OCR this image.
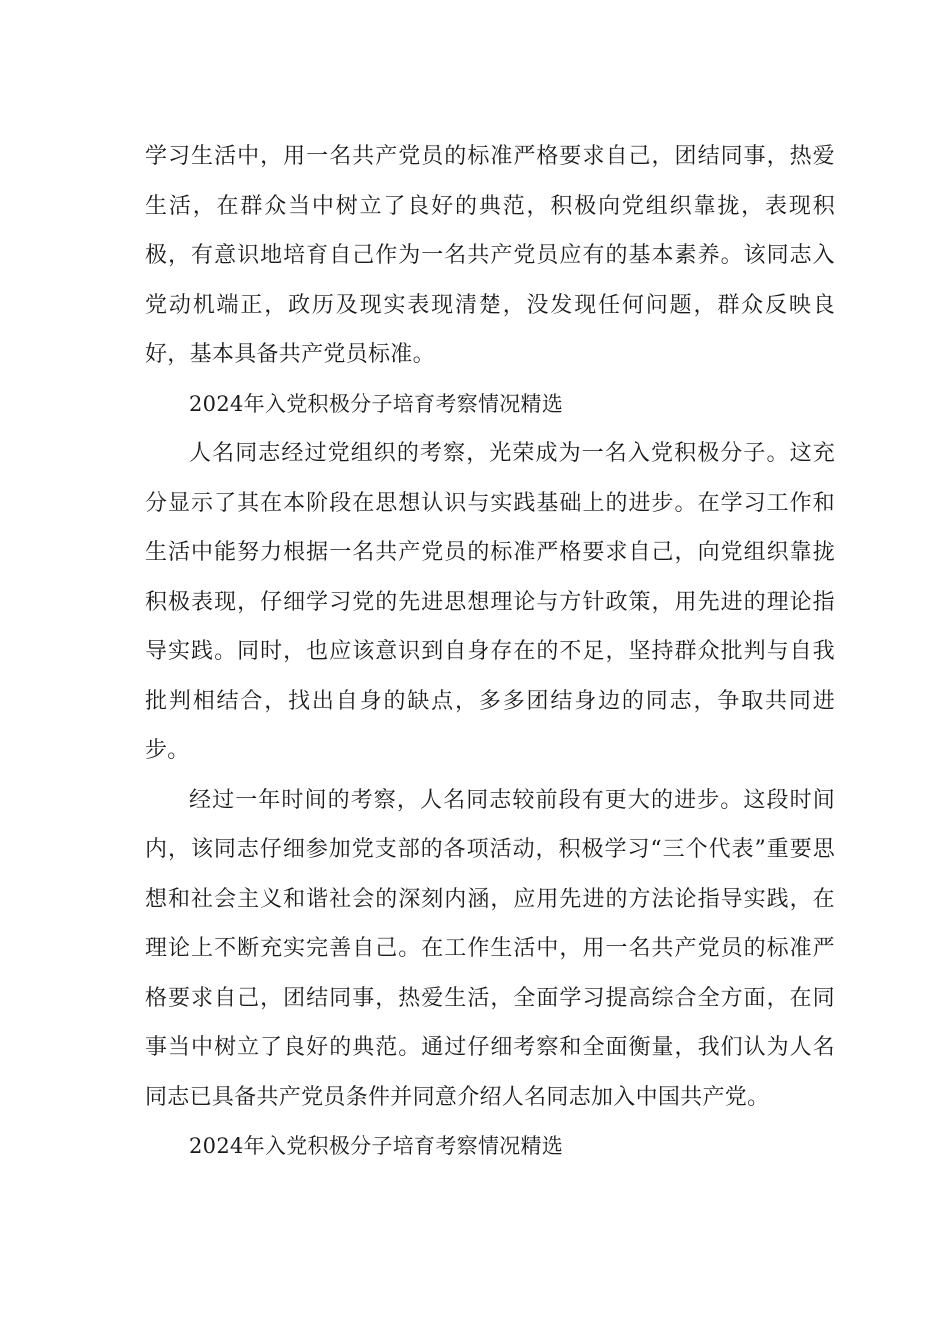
学习生活中，用一名共产党员的标准严格要求自己，团结同事，热爱生活，在群众当中树立了良好的典范，积极向党组织靠拢，表现积极，有意识地培育自己作为一名共产党员应有的基本素养。该同志入党动机端正，政历及现实表现清楚，没发现任何问题，群众反映良好，基本具备共产党员标准。

2024年入党积极分子培育考察情况精选

人名同志经过党组织的考察，光荣成为一名入党积极分子。这充分显示了其在本阶段在思想认识与实践基础上的进步。在学习工作和生活中能努力根据一名共产党员的标准严格要求自己，向党组织靠拢积极表现，仔细学习党的先进思想理论与方针政策，用先进的理论指导实践。同时，也应该意识到自身存在的不足，坚持群众批判与自我批判相结合，找出自身的缺点，多多团结身边的同志，争取共同进步。

经过一年时间的考察，人名同志较前段有更大的进步。这段时间内，该同志仔细参加党支部的各项活动，积极学习“三个代表”重要思想和社会主义和谐社会的深刻内涵，应用先进的方法论指导实践，在理论上不断充实完善自己。在工作生活中，用一名共产党员的标准严格要求自己，团结同事，热爱生活，全面学习提高综合全方面，在同事当中树立了良好的典范。通过仔细考察和全面衡量，我们认为人名同志已具备共产党员条件并同意介绍人名同志加入中国共产党。

2024年入党积极分子培育考察情况精选
